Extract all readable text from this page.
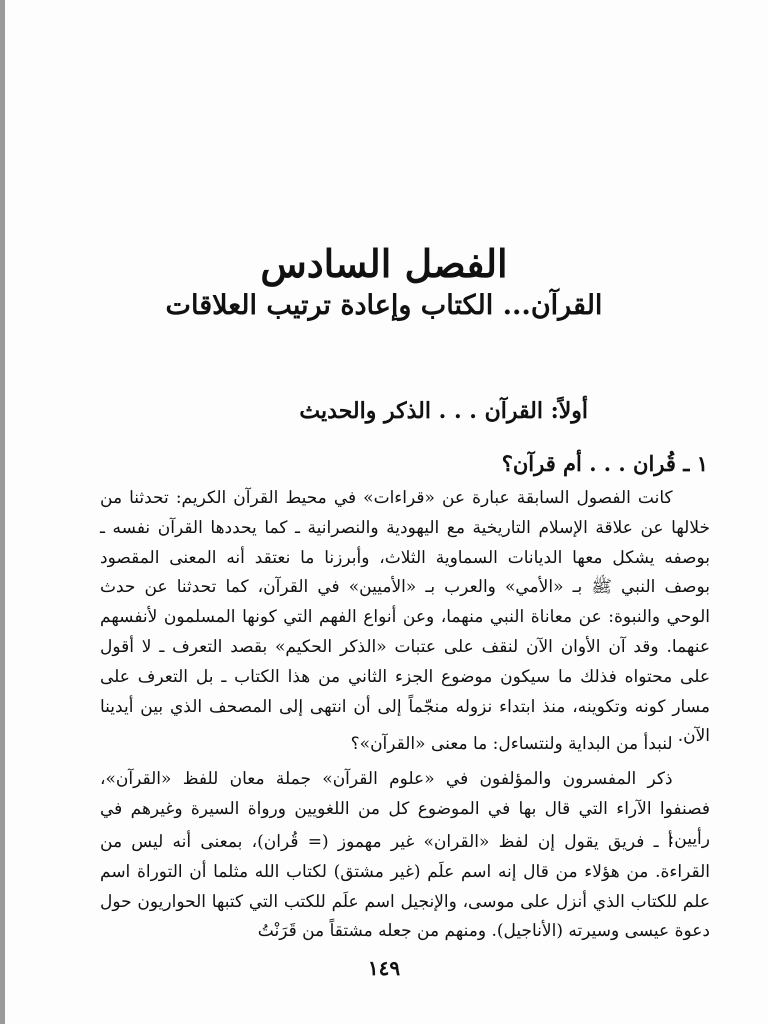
الفصل السادس
القرآن... الكتاب وإعادة ترتيب العلاقات
أولاً: القرآن . . . الذكر والحديث
١ ـ قُران . . . أم قرآن؟

كانت الفصول السابقة عبارة عن «قراءات» في محيط القرآن الكريم: تحدثنا من خلالها عن علاقة الإسلام التاريخية مع اليهودية والنصرانية ـ كما يحددها القرآن نفسه ـ بوصفه يشكل معها الديانات السماوية الثلاث، وأبرزنا ما نعتقد أنه المعنى المقصود بوصف النبي ﷺ بـ «الأمي» والعرب بـ «الأميين» في القرآن، كما تحدثنا عن حدث الوحي والنبوة: عن معاناة النبي منهما، وعن أنواع الفهم التي كونها المسلمون لأنفسهم عنهما. وقد آن الأوان الآن لنقف على عتبات «الذكر الحكيم» بقصد التعرف ـ لا أقول على محتواه فذلك ما سيكون موضوع الجزء الثاني من هذا الكتاب ـ بل التعرف على مسار كونه وتكوينه، منذ ابتداء نزوله منجّماً إلى أن انتهى إلى المصحف الذي بين أيدينا الآن.

لنبدأ من البداية ولنتساءل: ما معنى «القرآن»؟

ذكر المفسرون والمؤلفون في «علوم القرآن» جملة معان للفظ «القرآن»، فصنفوا الآراء التي قال بها في الموضوع كل من اللغويين ورواة السيرة وغيرهم في رأيين:

أ ـ فريق يقول إن لفظ «القران» غير مهموز (= قُران)، بمعنى أنه ليس من القراءة. من هؤلاء من قال إنه اسم علَم (غير مشتق) لكتاب الله مثلما أن التوراة اسم علم للكتاب الذي أنزل على موسى، والإنجيل اسم علَم للكتب التي كتبها الحواريون حول دعوة عيسى وسيرته (الأناجيل). ومنهم من جعله مشتقاً من قَرَنْتُ

١٤٩
